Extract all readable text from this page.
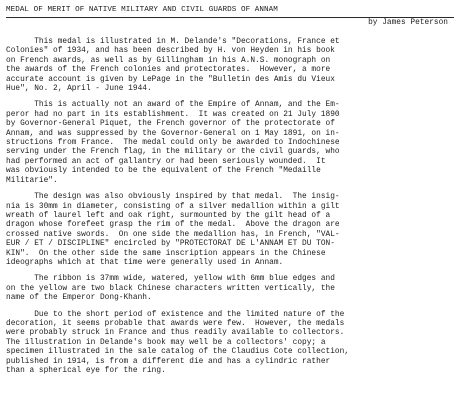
MEDAL OF MERIT OF NATIVE MILITARY AND CIVIL GUARDS OF ANNAM
by James Peterson
This medal is illustrated in M. Delande's "Decorations, France et
Colonies" of 1934, and has been described by H. von Heyden in his book
on French awards, as well as by Gillingham in his A.N.S. monograph on
the awards of the French colonies and protectorates.  However, a more
accurate account is given by LePage in the "Bulletin des Amis du Vieux
Hue", No. 2, April - June 1944.
This is actually not an award of the Empire of Annam, and the Em-
peror had no part in its establishment.  It was created on 21 July 1890
by Governor-General Piquet, the French governor of the protectorate of
Annam, and was suppressed by the Governor-General on 1 May 1891, on in-
structions from France.  The medal could only be awarded to Indochinese
serving under the French flag, in the military or the civil guards, who
had performed an act of gallantry or had been seriously wounded.  It
was obviously intended to be the equivalent of the French "Medaille
Militarie".
The design was also obviously inspired by that medal.  The insig-
nia is 30mm in diameter, consisting of a silver medallion within a gilt
wreath of laurel left and oak right, surmounted by the gilt head of a
dragon whose forefeet grasp the rim of the medal.  Above the dragon are
crossed native swords.  On one side the medallion has, in French, "VAL-
EUR / ET / DISCIPLINE" encircled by "PROTECTORAT DE L'ANNAM ET DU TON-
KIN".  On the other side the same inscription appears in the Chinese
ideographs which at that time were generally used in Annam.
The ribbon is 37mm wide, watered, yellow with 6mm blue edges and
on the yellow are two black Chinese characters written vertically, the
name of the Emperor Dong-Khanh.
Due to the short period of existence and the limited nature of the
decoration, it seems probable that awards were few.  However, the medals
were probably struck in France and thus readily available to collectors.
The illustration in Delande's book may well be a collectors' copy; a
specimen illustrated in the sale catalog of the Claudius Cote collection,
published in 1914, is from a different die and has a cylindric rather
than a spherical eye for the ring.
